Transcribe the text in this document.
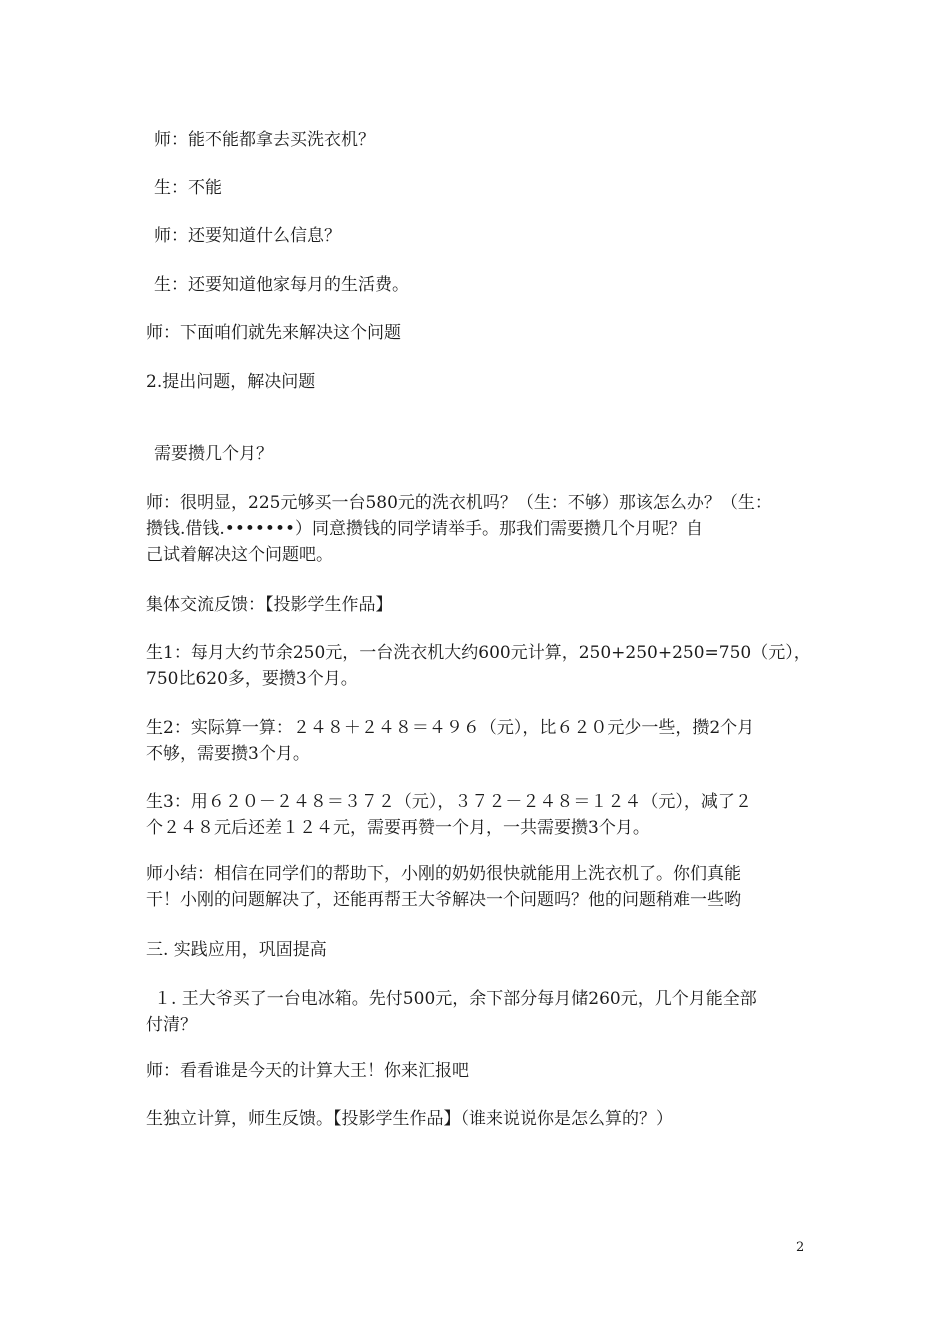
师：能不能都拿去买洗衣机？
生：不能
师：还要知道什么信息？
生：还要知道他家每月的生活费。
师：下面咱们就先来解决这个问题
2.提出问题，解决问题
需要攒几个月？
师：很明显，225元够买一台580元的洗衣机吗？（生：不够）那该怎么办？（生：
攒钱.借钱.•••••••）同意攒钱的同学请举手。那我们需要攒几个月呢？自
己试着解决这个问题吧。
集体交流反馈：【投影学生作品】
生1：每月大约节余250元，一台洗衣机大约600元计算，250+250+250=750（元），
750比620多，要攒3个月。
生2：实际算一算：２４８＋２４８＝４９６（元），比６２０元少一些，攒2个月
不够，需要攒3个月。
生3：用６２０－２４８＝３７２（元），３７２－２４８＝１２４（元），减了２
个２４８元后还差１２４元，需要再赞一个月，一共需要攒3个月。
师小结：相信在同学们的帮助下，小刚的奶奶很快就能用上洗衣机了。你们真能
干！小刚的问题解决了，还能再帮王大爷解决一个问题吗？他的问题稍难一些哟
三. 实践应用，巩固提高
１. 王大爷买了一台电冰箱。先付500元，余下部分每月储260元，几个月能全部
付清？
师：看看谁是今天的计算大王！你来汇报吧
生独立计算，师生反馈。【投影学生作品】（谁来说说你是怎么算的？）
2
